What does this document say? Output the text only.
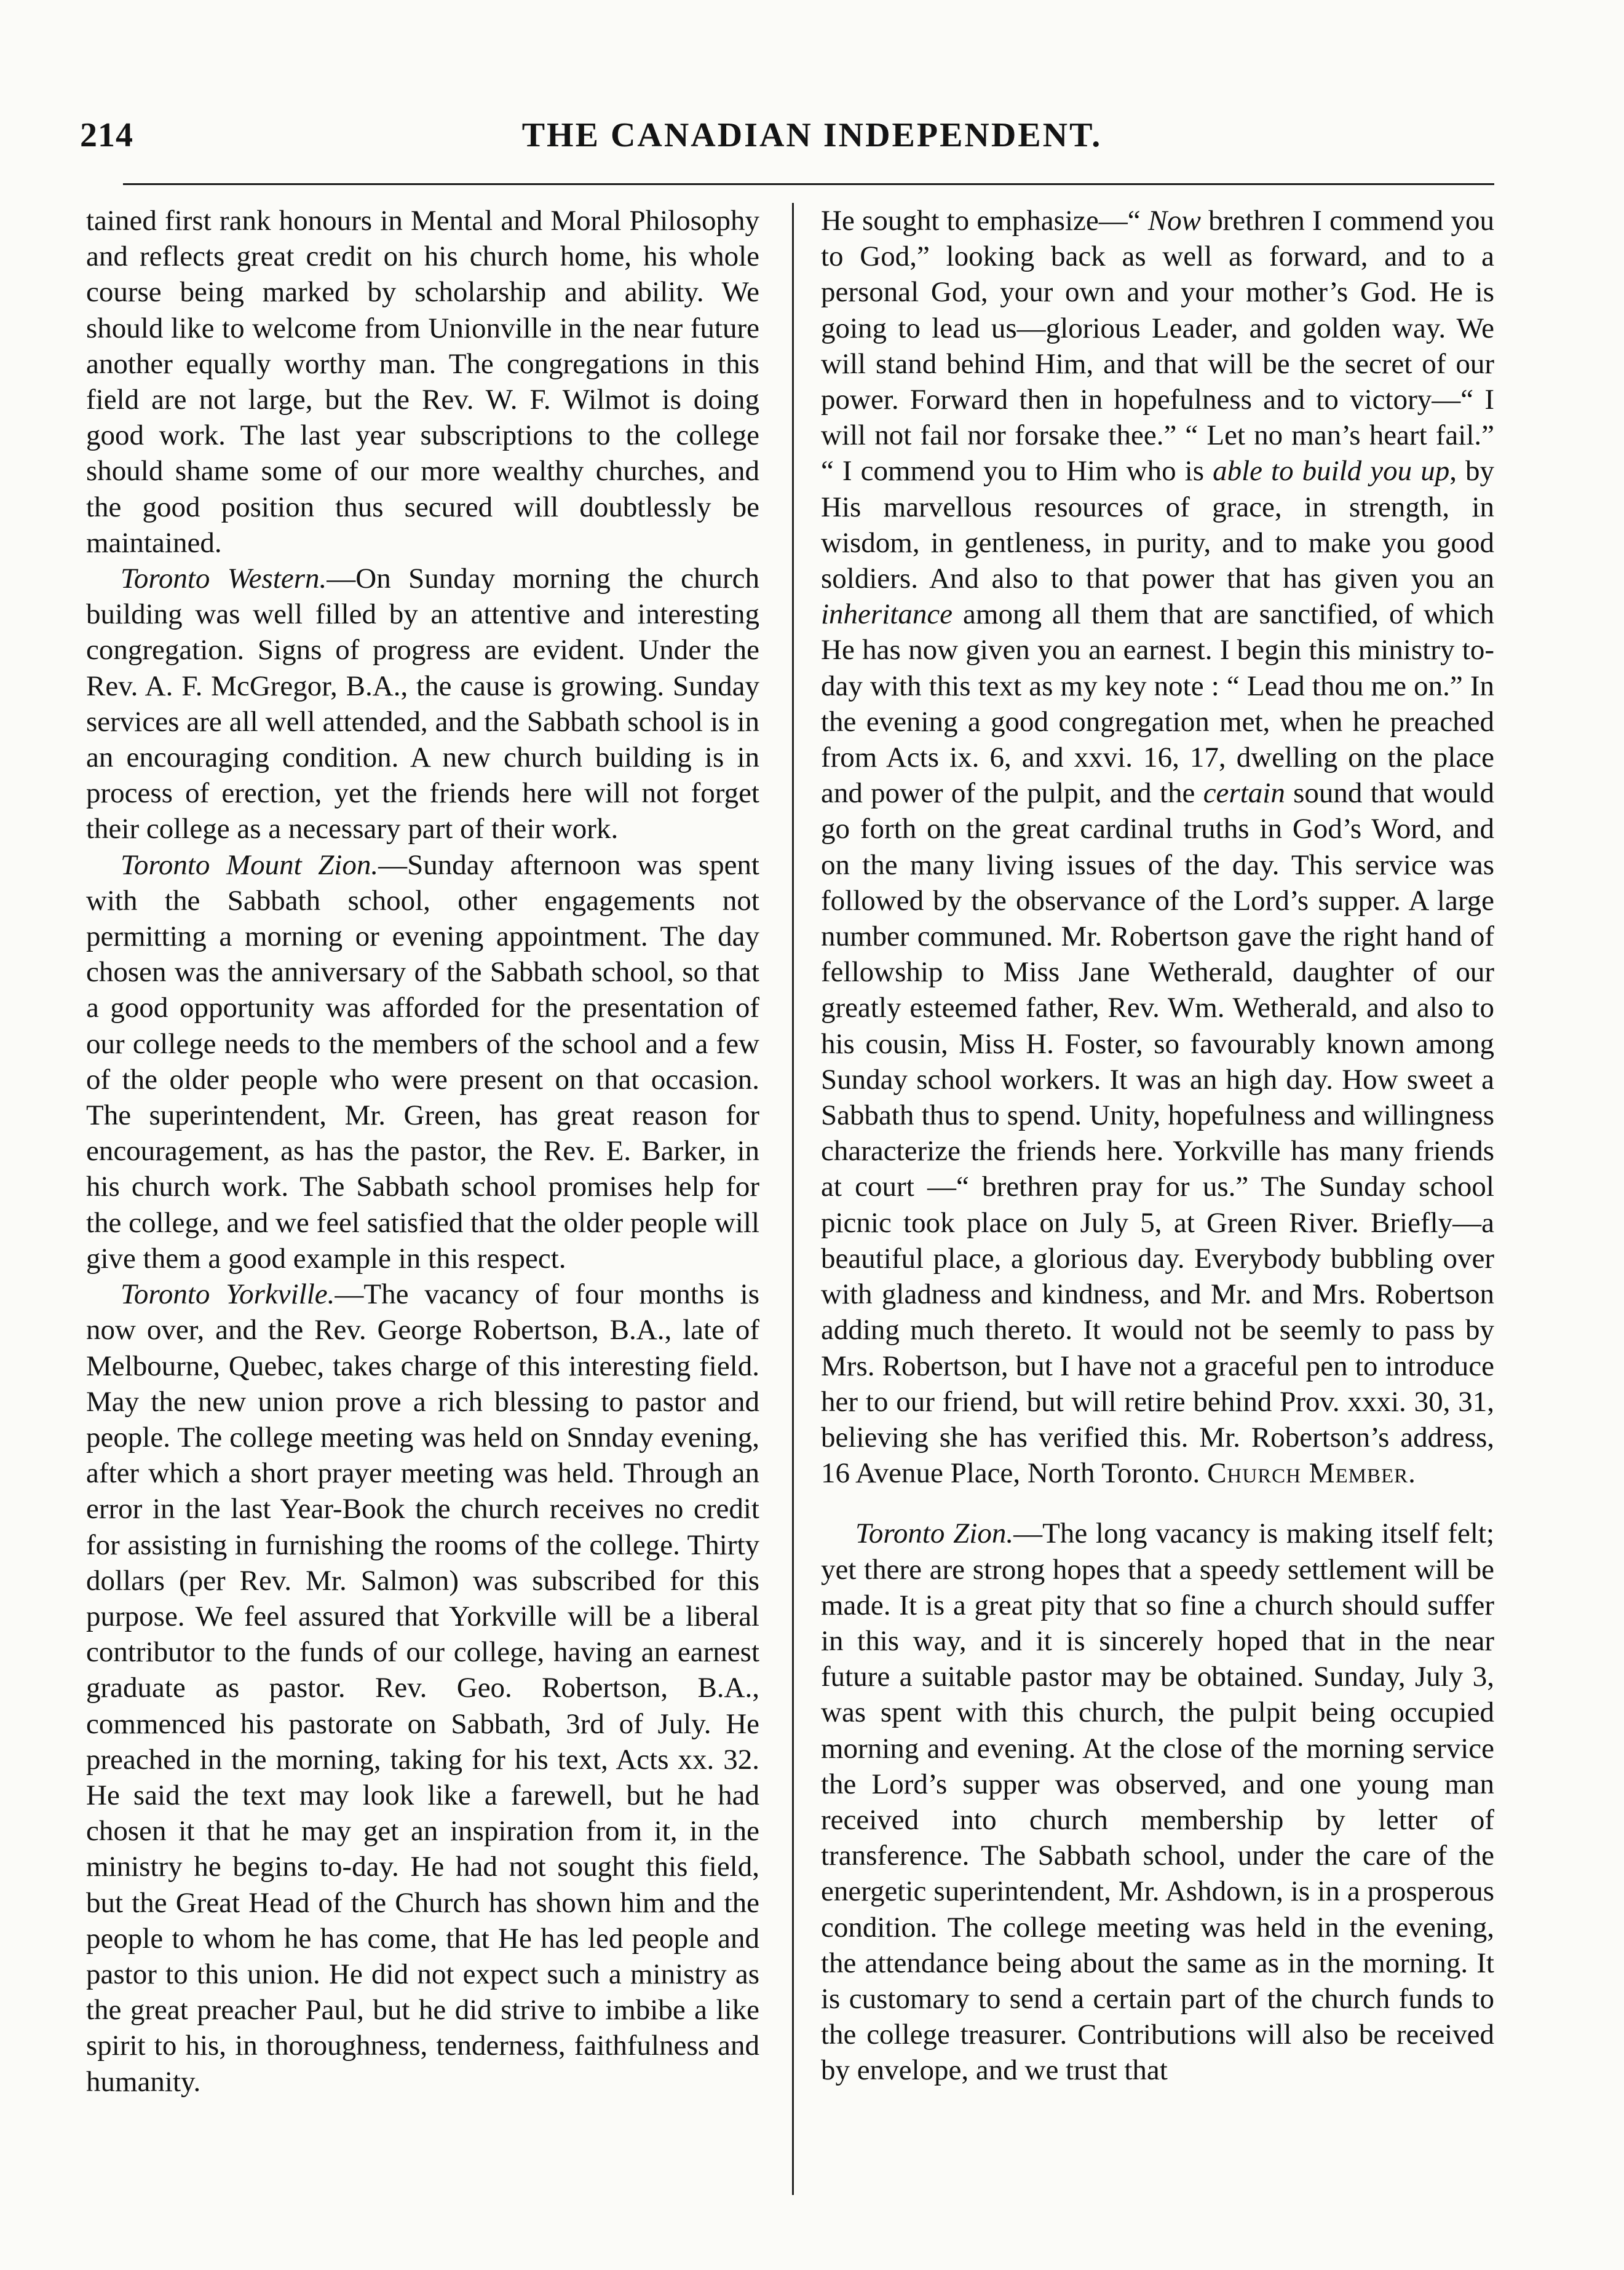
214	THE CANADIAN INDEPENDENT.

tained first rank honours in Mental and Moral Philosophy and reflects great credit on his church home, his whole course being marked by scholarship and ability. We should like to welcome from Unionville in the near future another equally worthy man. The congregations in this field are not large, but the Rev. W. F. Wilmot is doing good work. The last year subscriptions to the college should shame some of our more wealthy churches, and the good position thus secured will doubtlessly be maintained.

Toronto Western.—On Sunday morning the church building was well filled by an attentive and interesting congregation. Signs of progress are evident. Under the Rev. A. F. McGregor, B.A., the cause is growing. Sunday services are all well attended, and the Sabbath school is in an encouraging condition. A new church building is in process of erection, yet the friends here will not forget their college as a necessary part of their work.

Toronto Mount Zion.—Sunday afternoon was spent with the Sabbath school, other engagements not permitting a morning or evening appointment. The day chosen was the anniversary of the Sabbath school, so that a good opportunity was afforded for the presentation of our college needs to the members of the school and a few of the older people who were present on that occasion. The superintendent, Mr. Green, has great reason for encouragement, as has the pastor, the Rev. E. Barker, in his church work. The Sabbath school promises help for the college, and we feel satisfied that the older people will give them a good example in this respect.

Toronto Yorkville.—The vacancy of four months is now over, and the Rev. George Robertson, B.A., late of Melbourne, Quebec, takes charge of this interesting field. May the new union prove a rich blessing to pastor and people. The college meeting was held on Snnday evening, after which a short prayer meeting was held. Through an error in the last Year-Book the church receives no credit for assisting in furnishing the rooms of the college. Thirty dollars (per Rev. Mr. Salmon) was subscribed for this purpose. We feel assured that Yorkville will be a liberal contributor to the funds of our college, having an earnest graduate as pastor. Rev. Geo. Robertson, B.A., commenced his pastorate on Sabbath, 3rd of July. He preached in the morning, taking for his text, Acts xx. 32. He said the text may look like a farewell, but he had chosen it that he may get an inspiration from it, in the ministry he begins to-day. He had not sought this field, but the Great Head of the Church has shown him and the people to whom he has come, that He has led people and pastor to this union. He did not expect such a ministry as the great preacher Paul, but he did strive to imbibe a like spirit to his, in thoroughness, tenderness, faithfulness and humanity.

He sought to emphasize—“ Now brethren I commend you to God,” looking back as well as forward, and to a personal God, your own and your mother’s God. He is going to lead us—glorious Leader, and golden way. We will stand behind Him, and that will be the secret of our power. Forward then in hopefulness and to victory—“ I will not fail nor forsake thee.” “ Let no man’s heart fail.” “ I commend you to Him who is able to build you up, by His marvellous resources of grace, in strength, in wisdom, in gentleness, in purity, and to make you good soldiers. And also to that power that has given you an inheritance among all them that are sanctified, of which He has now given you an earnest. I begin this ministry to-day with this text as my key note : “ Lead thou me on.” In the evening a good congregation met, when he preached from Acts ix. 6, and xxvi. 16, 17, dwelling on the place and power of the pulpit, and the certain sound that would go forth on the great cardinal truths in God’s Word, and on the many living issues of the day. This service was followed by the observance of the Lord’s supper. A large number communed. Mr. Robertson gave the right hand of fellowship to Miss Jane Wetherald, daughter of our greatly esteemed father, Rev. Wm. Wetherald, and also to his cousin, Miss H. Foster, so favourably known among Sunday school workers. It was an high day. How sweet a Sabbath thus to spend. Unity, hopefulness and willingness characterize the friends here. Yorkville has many friends at court —“ brethren pray for us.” The Sunday school picnic took place on July 5, at Green River. Briefly—a beautiful place, a glorious day. Everybody bubbling over with gladness and kindness, and Mr. and Mrs. Robertson adding much thereto. It would not be seemly to pass by Mrs. Robertson, but I have not a graceful pen to introduce her to our friend, but will retire behind Prov. xxxi. 30, 31, believing she has verified this. Mr. Robertson’s address, 16 Avenue Place, North Toronto. Church Member.

Toronto Zion.—The long vacancy is making itself felt; yet there are strong hopes that a speedy settlement will be made. It is a great pity that so fine a church should suffer in this way, and it is sincerely hoped that in the near future a suitable pastor may be obtained. Sunday, July 3, was spent with this church, the pulpit being occupied morning and evening. At the close of the morning service the Lord’s supper was observed, and one young man received into church membership by letter of transference. The Sabbath school, under the care of the energetic superintendent, Mr. Ashdown, is in a prosperous condition. The college meeting was held in the evening, the attendance being about the same as in the morning. It is customary to send a certain part of the church funds to the college treasurer. Contributions will also be received by envelope, and we trust that
